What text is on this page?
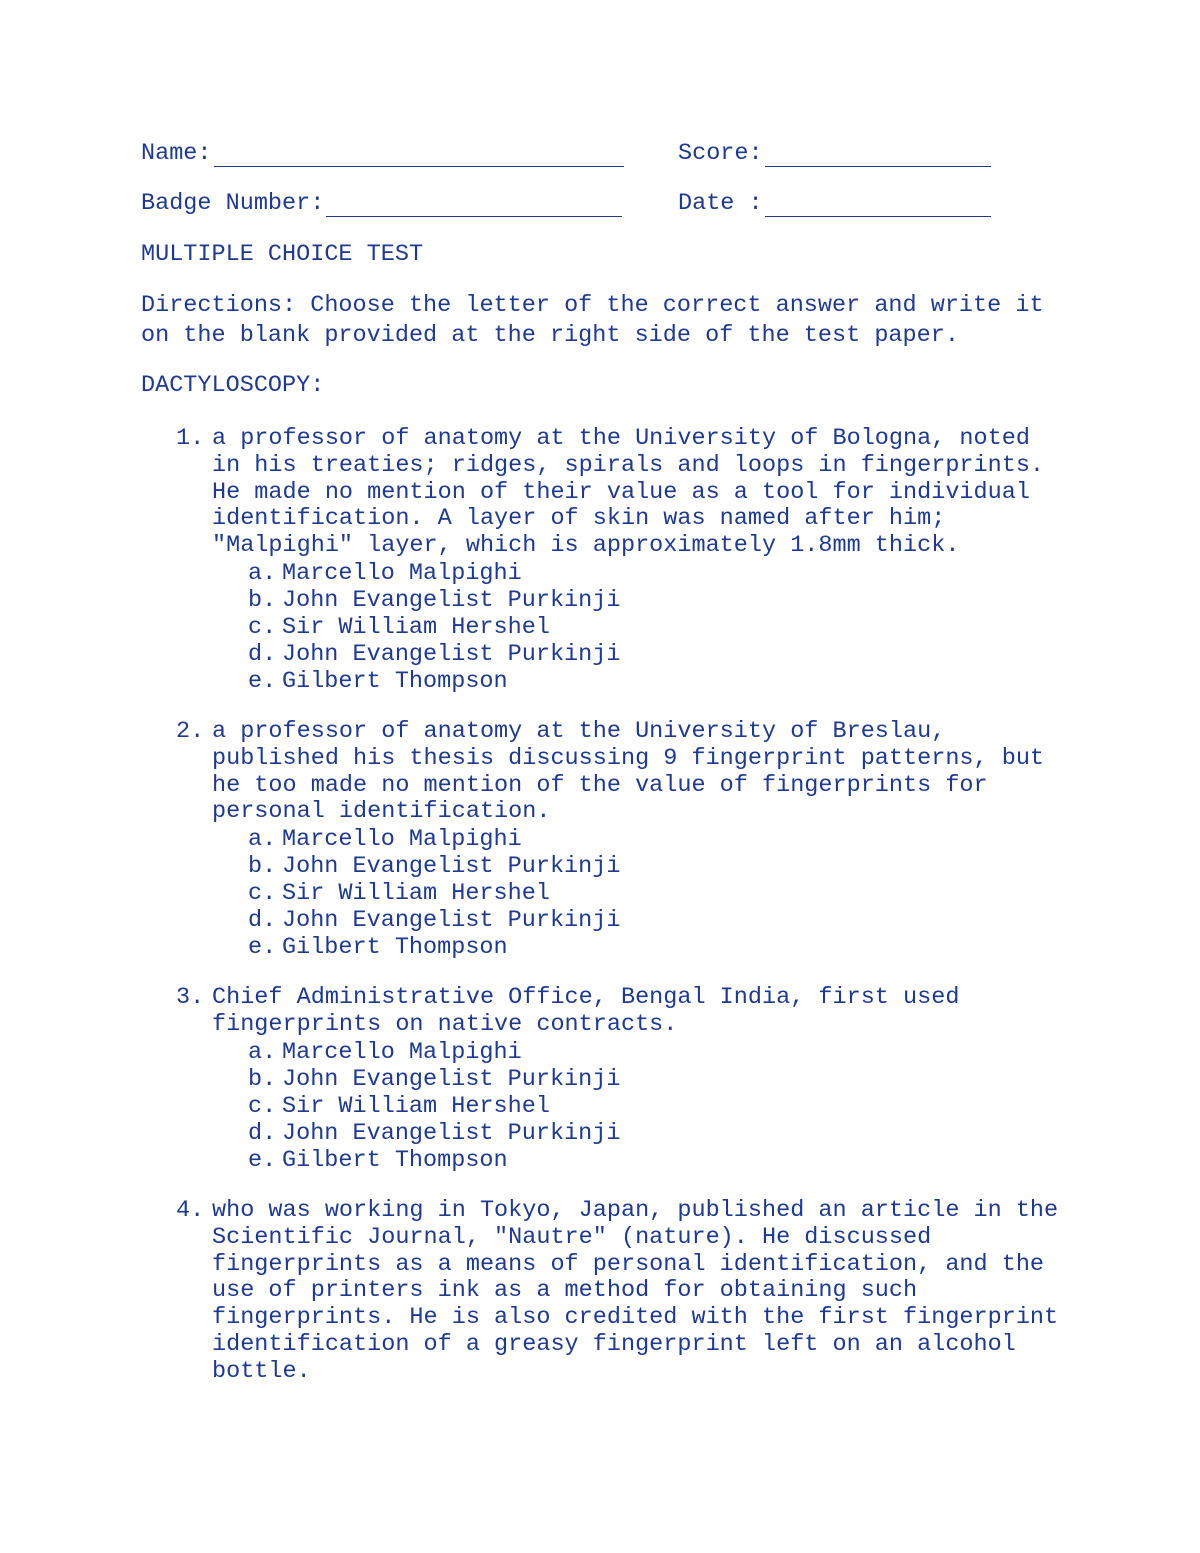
Name:	Score:
Badge Number:	Date :
MULTIPLE CHOICE TEST
Directions: Choose the letter of the correct answer and write it
on the blank provided at the right side of the test paper.
DACTYLOSCOPY:
1. a professor of anatomy at the University of Bologna, noted
in his treaties; ridges, spirals and loops in fingerprints.
He made no mention of their value as a tool for individual
identification. A layer of skin was named after him;
"Malpighi" layer, which is approximately 1.8mm thick.
a. Marcello Malpighi
b. John Evangelist Purkinji
c. Sir William Hershel
d. John Evangelist Purkinji
e. Gilbert Thompson
2. a professor of anatomy at the University of Breslau,
published his thesis discussing 9 fingerprint patterns, but
he too made no mention of the value of fingerprints for
personal identification.
a. Marcello Malpighi
b. John Evangelist Purkinji
c. Sir William Hershel
d. John Evangelist Purkinji
e. Gilbert Thompson
3. Chief Administrative Office, Bengal India, first used
fingerprints on native contracts.
a. Marcello Malpighi
b. John Evangelist Purkinji
c. Sir William Hershel
d. John Evangelist Purkinji
e. Gilbert Thompson
4. who was working in Tokyo, Japan, published an article in the
Scientific Journal, "Nautre" (nature). He discussed
fingerprints as a means of personal identification, and the
use of printers ink as a method for obtaining such
fingerprints. He is also credited with the first fingerprint
identification of a greasy fingerprint left on an alcohol
bottle.
